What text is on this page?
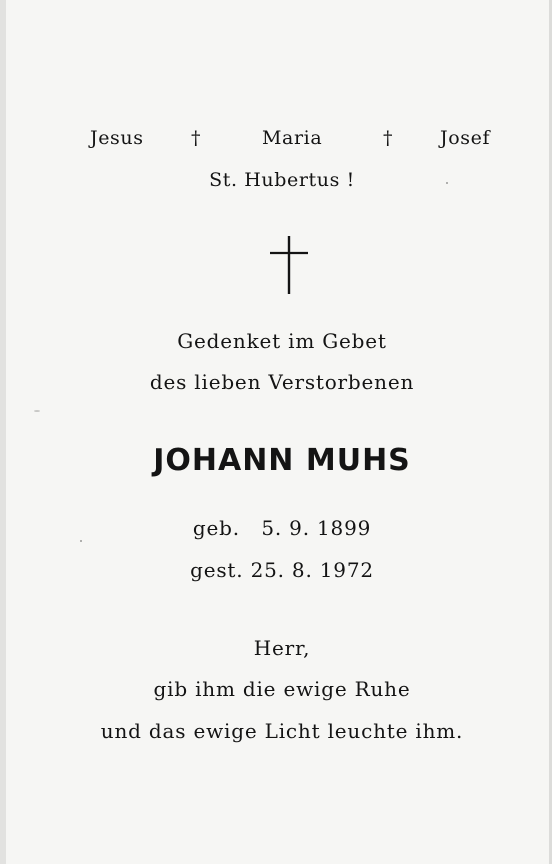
Jesus †	Maria	† Josef
St. Hubertus !
Gedenket im Gebet
des lieben Verstorbenen
JOHANN MUHS
geb.   5. 9. 1899
gest. 25. 8. 1972
Herr,
gib ihm die ewige Ruhe
und das ewige Licht leuchte ihm.
